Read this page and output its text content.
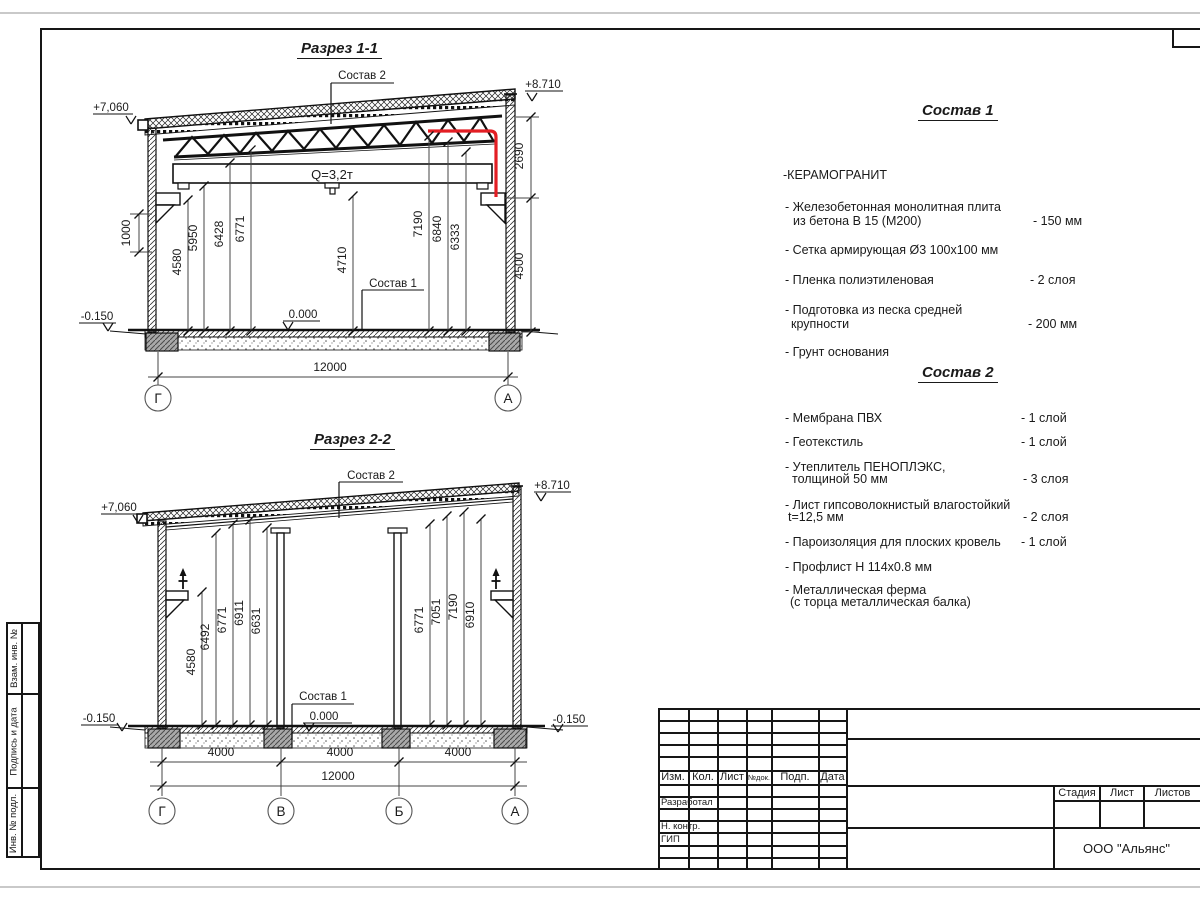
Разрез 1-1
Разрез 2-2
Q=3,2т
4580
5950 6428 6771
4710
7190 6840 6333
1000
2690
4500
12000
Г	А
+7,060
+8.710
-0.150	0.000
Состав 2
Состав 1
4580
6492
6771 6911 6631	6771 7051 7190 6910
4000	4000	4000
12000
Г	В	Б	А
+7,060
+8.710
-0.150	-0.150
0.000
Состав 2
Состав 1
Состав 1
-КЕРАМОГРАНИТ
- Железобетонная монолитная плита
из бетона В 15 (М200)	- 150 мм
- Сетка армирующая Ø3 100х100 мм
- Пленка полиэтиленовая	- 2 слоя
- Подготовка из песка средней
крупности	- 200 мм
- Грунт основания
Состав 2
- Мембрана ПВХ	- 1 слой
- Геотекстиль	- 1 слой
- Утеплитель ПЕНОПЛЭКС,
толщиной 50 мм	- 3 слоя
- Лист гипсоволокнистый влагостойкий
t=12,5 мм	- 2 слоя
- Пароизоляция для плоских кровель - 1 слой
- Профлист Н 114х0.8 мм
- Металлическая ферма
(с торца металлическая балка)
Взам. инв. №
Подпись и дата
Инв. № подл.
Изм. Кол. Лист №док. Подп. Дата
Разработал
Н. контр.
ГИП
Стадия Лист Листов
ООО "Альянс"
